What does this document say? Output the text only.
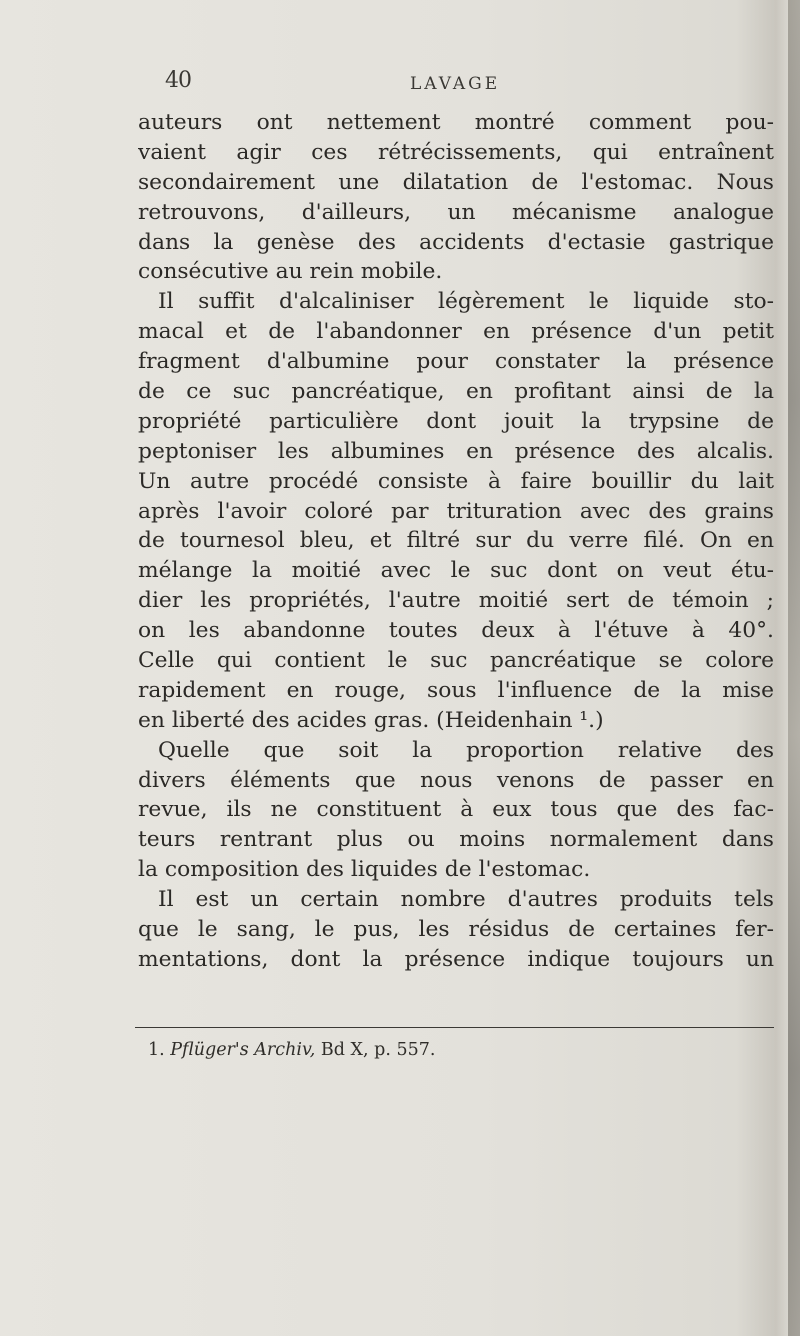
40	LAVAGE
auteurs ont nettement montré comment pou-
vaient agir ces rétrécissements, qui entraînent
secondairement une dilatation de l'estomac. Nous
retrouvons, d'ailleurs, un mécanisme analogue
dans la genèse des accidents d'ectasie gastrique
consécutive au rein mobile.
Il suffit d'alcaliniser légèrement le liquide sto-
macal et de l'abandonner en présence d'un petit
fragment d'albumine pour constater la présence
de ce suc pancréatique, en profitant ainsi de la
propriété particulière dont jouit la trypsine de
peptoniser les albumines en présence des alcalis.
Un autre procédé consiste à faire bouillir du lait
après l'avoir coloré par trituration avec des grains
de tournesol bleu, et filtré sur du verre filé. On en
mélange la moitié avec le suc dont on veut étu-
dier les propriétés, l'autre moitié sert de témoin ;
on les abandonne toutes deux à l'étuve à 40°.
Celle qui contient le suc pancréatique se colore
rapidement en rouge, sous l'influence de la mise
en liberté des acides gras. (Heidenhain ¹.)
Quelle que soit la proportion relative des
divers éléments que nous venons de passer en
revue, ils ne constituent à eux tous que des fac-
teurs rentrant plus ou moins normalement dans
la composition des liquides de l'estomac.
Il est un certain nombre d'autres produits tels
que le sang, le pus, les résidus de certaines fer-
mentations, dont la présence indique toujours un
1. Pflüger's Archiv, Bd X, p. 557.
